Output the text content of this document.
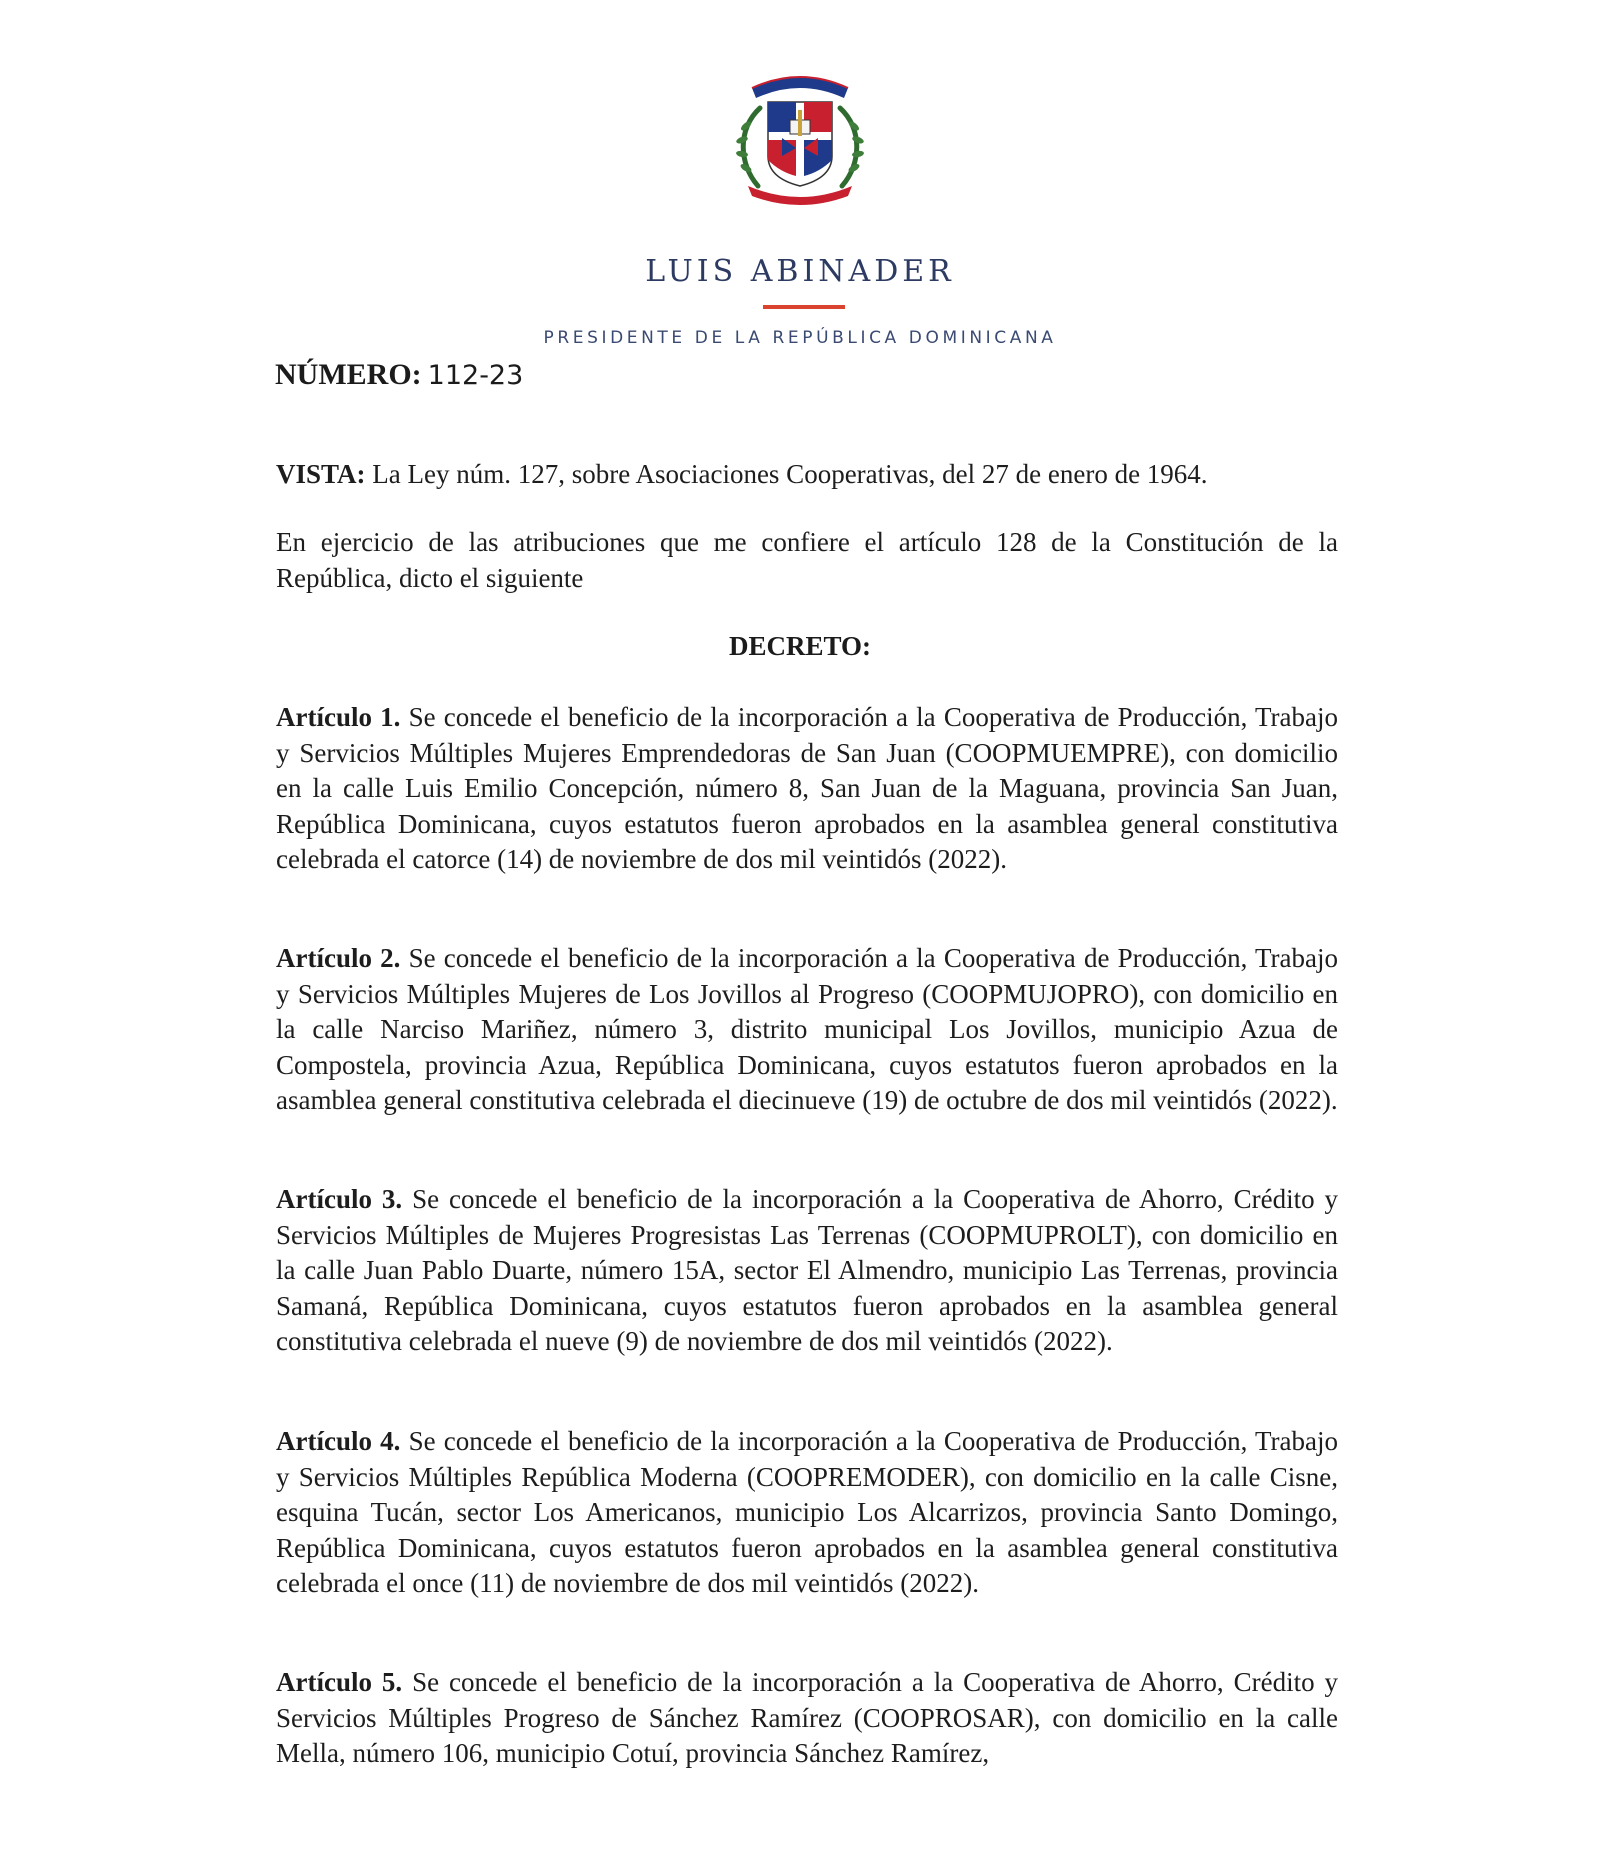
LUIS ABINADER
PRESIDENTE DE LA REPÚBLICA DOMINICANA
NÚMERO: 112-23
VISTA: La Ley núm. 127, sobre Asociaciones Cooperativas, del 27 de enero de 1964.
En ejercicio de las atribuciones que me confiere el artículo 128 de la Constitución de la República, dicto el siguiente
DECRETO:
Artículo 1. Se concede el beneficio de la incorporación a la Cooperativa de Producción, Trabajo y Servicios Múltiples Mujeres Emprendedoras de San Juan (COOPMUEMPRE), con domicilio en la calle Luis Emilio Concepción, número 8, San Juan de la Maguana, provincia San Juan, República Dominicana, cuyos estatutos fueron aprobados en la asamblea general constitutiva celebrada el catorce (14) de noviembre de dos mil veintidós (2022).
Artículo 2. Se concede el beneficio de la incorporación a la Cooperativa de Producción, Trabajo y Servicios Múltiples Mujeres de Los Jovillos al Progreso (COOPMUJOPRO), con domicilio en la calle Narciso Mariñez, número 3, distrito municipal Los Jovillos, municipio Azua de Compostela, provincia Azua, República Dominicana, cuyos estatutos fueron aprobados en la asamblea general constitutiva celebrada el diecinueve (19) de octubre de dos mil veintidós (2022).
Artículo 3. Se concede el beneficio de la incorporación a la Cooperativa de Ahorro, Crédito y Servicios Múltiples de Mujeres Progresistas Las Terrenas (COOPMUPROLT), con domicilio en la calle Juan Pablo Duarte, número 15A, sector El Almendro, municipio Las Terrenas, provincia Samaná, República Dominicana, cuyos estatutos fueron aprobados en la asamblea general constitutiva celebrada el nueve (9) de noviembre de dos mil veintidós (2022).
Artículo 4. Se concede el beneficio de la incorporación a la Cooperativa de Producción, Trabajo y Servicios Múltiples República Moderna (COOPREMODER), con domicilio en la calle Cisne, esquina Tucán, sector Los Americanos, municipio Los Alcarrizos, provincia Santo Domingo, República Dominicana, cuyos estatutos fueron aprobados en la asamblea general constitutiva celebrada el once (11) de noviembre de dos mil veintidós (2022).
Artículo 5. Se concede el beneficio de la incorporación a la Cooperativa de Ahorro, Crédito y Servicios Múltiples Progreso de Sánchez Ramírez (COOPROSAR), con domicilio en la calle Mella, número 106, municipio Cotuí, provincia Sánchez Ramírez,
